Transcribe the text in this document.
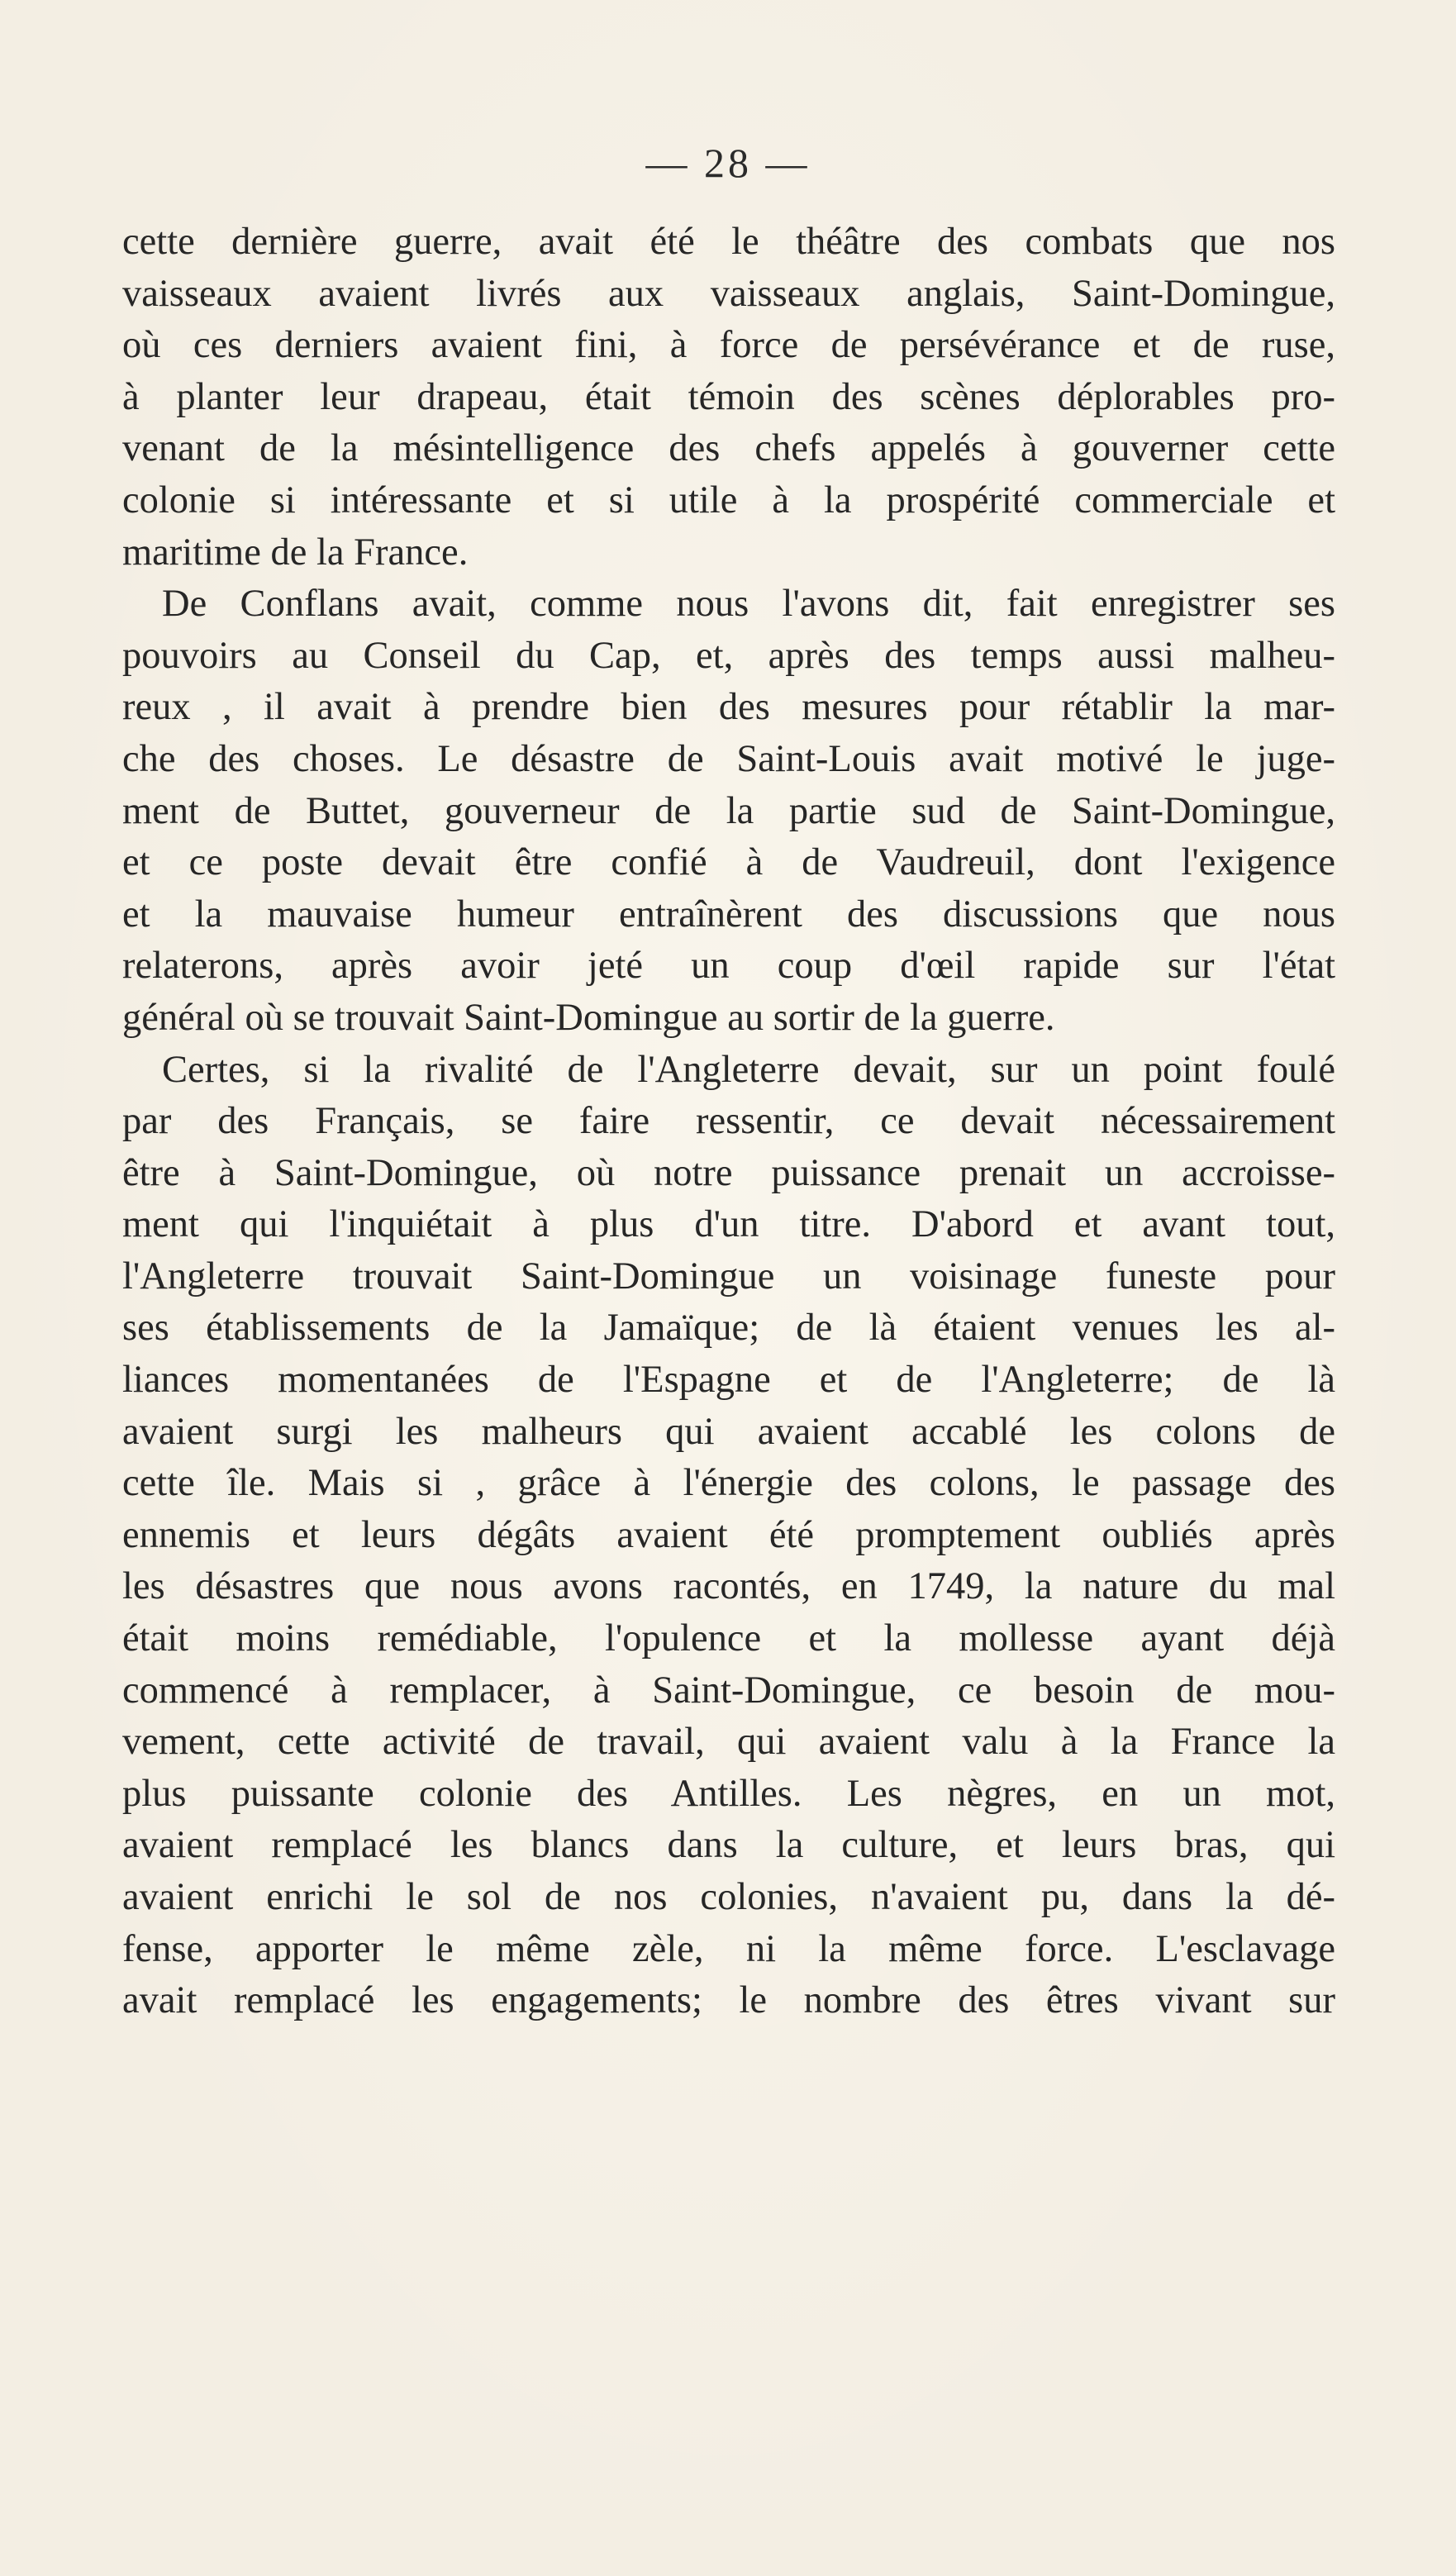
— 28 —
cette dernière guerre, avait été le théâtre des combats que nos
vaisseaux avaient livrés aux vaisseaux anglais, Saint-Domingue,
où ces derniers avaient fini, à force de persévérance et de ruse,
à planter leur drapeau, était témoin des scènes déplorables pro-
venant de la mésintelligence des chefs appelés à gouverner cette
colonie si intéressante et si utile à la prospérité commerciale et
maritime de la France.
De Conflans avait, comme nous l'avons dit, fait enregistrer ses
pouvoirs au Conseil du Cap, et, après des temps aussi malheu-
reux , il avait à prendre bien des mesures pour rétablir la mar-
che des choses. Le désastre de Saint-Louis avait motivé le juge-
ment de Buttet, gouverneur de la partie sud de Saint-Domingue,
et ce poste devait être confié à de Vaudreuil, dont l'exigence
et la mauvaise humeur entraînèrent des discussions que nous
relaterons, après avoir jeté un coup d'œil rapide sur l'état
général où se trouvait Saint-Domingue au sortir de la guerre.
Certes, si la rivalité de l'Angleterre devait, sur un point foulé
par des Français, se faire ressentir, ce devait nécessairement
être à Saint-Domingue, où notre puissance prenait un accroisse-
ment qui l'inquiétait à plus d'un titre. D'abord et avant tout,
l'Angleterre trouvait Saint-Domingue un voisinage funeste pour
ses établissements de la Jamaïque; de là étaient venues les al-
liances momentanées de l'Espagne et de l'Angleterre; de là
avaient surgi les malheurs qui avaient accablé les colons de
cette île. Mais si , grâce à l'énergie des colons, le passage des
ennemis et leurs dégâts avaient été promptement oubliés après
les désastres que nous avons racontés, en 1749, la nature du mal
était moins remédiable, l'opulence et la mollesse ayant déjà
commencé à remplacer, à Saint-Domingue, ce besoin de mou-
vement, cette activité de travail, qui avaient valu à la France la
plus puissante colonie des Antilles. Les nègres, en un mot,
avaient remplacé les blancs dans la culture, et leurs bras, qui
avaient enrichi le sol de nos colonies, n'avaient pu, dans la dé-
fense, apporter le même zèle, ni la même force. L'esclavage
avait remplacé les engagements; le nombre des êtres vivant sur
